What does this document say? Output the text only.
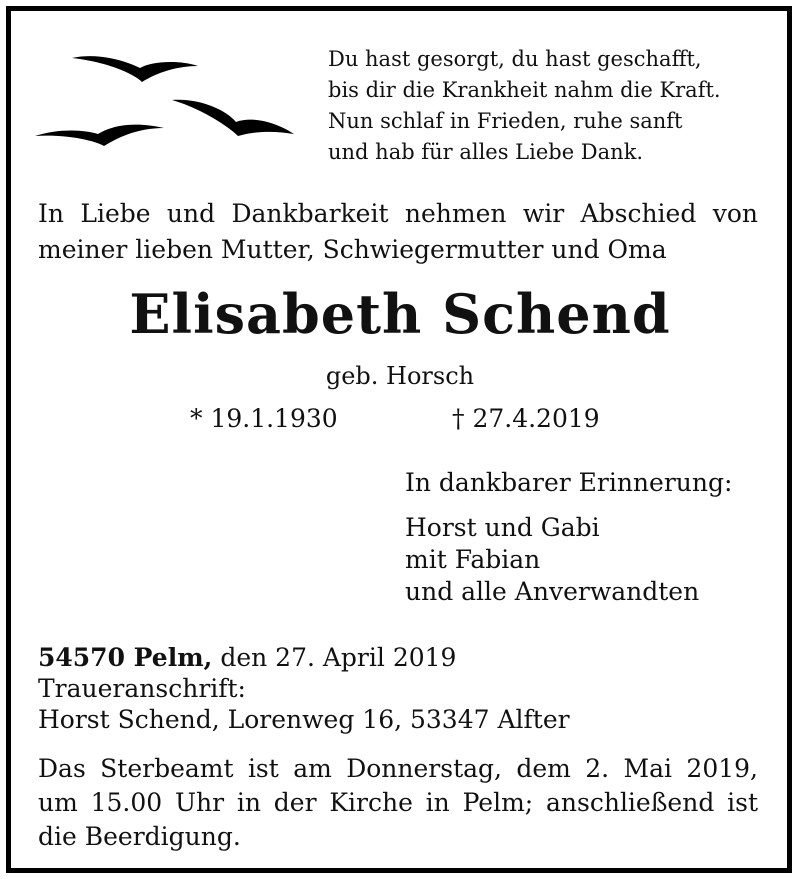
Du hast gesorgt, du hast geschafft,
bis dir die Krankheit nahm die Kraft.
Nun schlaf in Frieden, ruhe sanft
und hab für alles Liebe Dank.
In Liebe und Dankbarkeit nehmen wir Abschied von
meiner lieben Mutter, Schwiegermutter und Oma
Elisabeth Schend
geb. Horsch
* 19.1.1930	† 27.4.2019
In dankbarer Erinnerung:
Horst und Gabi
mit Fabian
und alle Anverwandten
54570 Pelm, den 27. April 2019
Traueranschrift:
Horst Schend, Lorenweg 16, 53347 Alfter
Das Sterbeamt ist am Donnerstag, dem 2. Mai 2019,
um 15.00 Uhr in der Kirche in Pelm; anschließend ist
die Beerdigung.
